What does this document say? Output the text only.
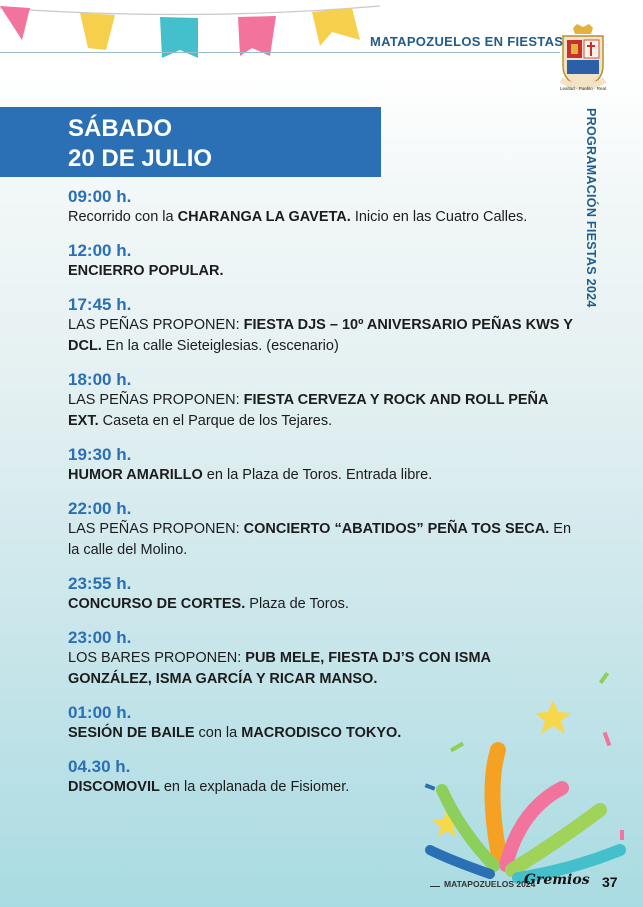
MATAPOZUELOS EN FIESTAS
Lealtad · Pueblo · Real
PROGRAMACIÓN FIESTAS 2024
SÁBADO
20 DE JULIO
09:00 h.
Recorrido con la CHARANGA LA GAVETA. Inicio en las Cuatro Calles.
12:00 h.
ENCIERRO POPULAR.
17:45 h.
LAS PEÑAS PROPONEN: FIESTA DJS – 10º ANIVERSARIO PEÑAS KWS Y DCL. En la calle Sieteiglesias. (escenario)
18:00 h.
LAS PEÑAS PROPONEN: FIESTA CERVEZA Y ROCK AND ROLL PEÑA EXT. Caseta en el Parque de los Tejares.
19:30 h.
HUMOR AMARILLO en la Plaza de Toros. Entrada libre.
22:00 h.
LAS PEÑAS PROPONEN: CONCIERTO “ABATIDOS” PEÑA TOS SECA. En la calle del Molino.
23:55 h.
CONCURSO DE CORTES. Plaza de Toros.
23:00 h.
LOS BARES PROPONEN: PUB MELE, FIESTA DJ’S CON ISMA GONZÁLEZ, ISMA GARCÍA Y RICAR MANSO.
01:00 h.
SESIÓN DE BAILE con la MACRODISCO TOKYO.
04.30 h.
DISCOMOVIL en la explanada de Fisiomer.
MATAPOZUELOS 2024
Gremios 37
